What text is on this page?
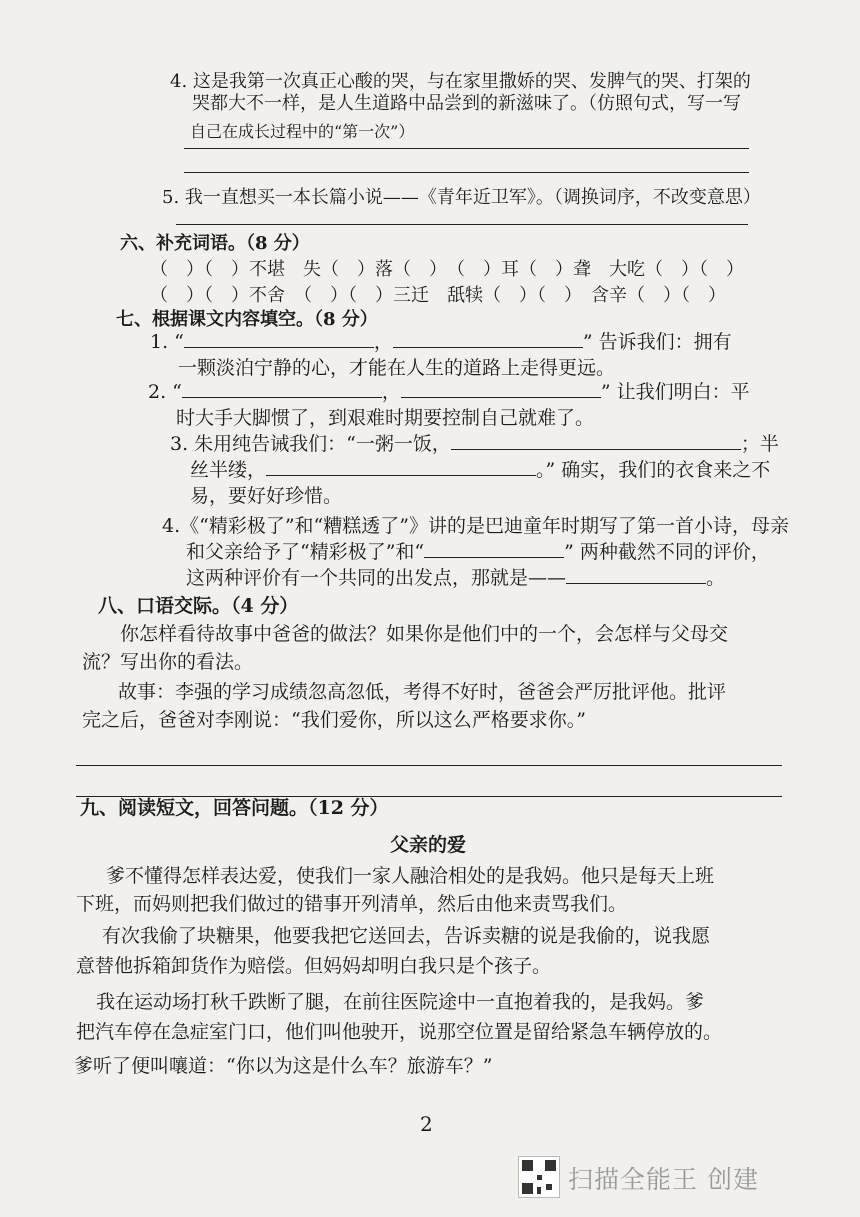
4. 这是我第一次真正心酸的哭，与在家里撒娇的哭、发脾气的哭、打架的
哭都大不一样，是人生道路中品尝到的新滋味了。（仿照句式，写一写
自己在成长过程中的“第一次”）
5. 我一直想买一本长篇小说——《青年近卫军》。（调换词序，不改变意思）
六、补充词语。（8 分）
（　）（　）不堪　失（　）落（　）　（　）耳（　）聋　大吃（　）（　）
（　）（　）不舍　（　）（　）三迁　舐犊（　）（　）　含辛（　）（　）
七、根据课文内容填空。（8 分）
1. “	，	” 告诉我们：拥有
一颗淡泊宁静的心，才能在人生的道路上走得更远。
2. “	，	” 让我们明白：平
时大手大脚惯了，到艰难时期要控制自己就难了。
3. 朱用纯告诫我们：“一粥一饭，	；半
丝半缕，	。” 确实，我们的衣食来之不
易，要好好珍惜。
4.《“精彩极了”和“糟糕透了”》讲的是巴迪童年时期写了第一首小诗，母亲
和父亲给予了“精彩极了”和“	” 两种截然不同的评价，
这两种评价有一个共同的出发点，那就是——	。
八、口语交际。（4 分）
你怎样看待故事中爸爸的做法？如果你是他们中的一个，会怎样与父母交
流？写出你的看法。
故事：李强的学习成绩忽高忽低，考得不好时，爸爸会严厉批评他。批评
完之后，爸爸对李刚说：“我们爱你，所以这么严格要求你。”
九、阅读短文，回答问题。（12 分）
父亲的爱
爹不懂得怎样表达爱，使我们一家人融洽相处的是我妈。他只是每天上班
下班，而妈则把我们做过的错事开列清单，然后由他来责骂我们。
有次我偷了块糖果，他要我把它送回去，告诉卖糖的说是我偷的，说我愿
意替他拆箱卸货作为赔偿。但妈妈却明白我只是个孩子。
我在运动场打秋千跌断了腿，在前往医院途中一直抱着我的，是我妈。爹
把汽车停在急症室门口，他们叫他驶开，说那空位置是留给紧急车辆停放的。
爹听了便叫嚷道：“你以为这是什么车？旅游车？”
2
扫描全能王 创建
